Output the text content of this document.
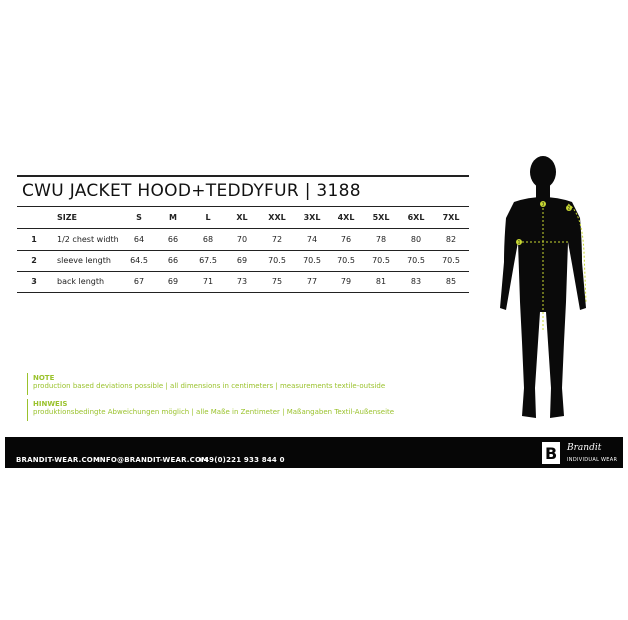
CWU JACKET HOOD+TEDDYFUR | 3188
SIZE	S	M	L	XL	XXL 3XL 4XL 5XL 6XL 7XL
1	1/2 chest width 64	66	68	70	72	74	76	78	80	82
2	sleeve length 64.5	66	67.5	69	70.5 70.5 70.5 70.5 70.5 70.5
3	back length	67	69	71	73	75	77	79	81	83	85
NOTE
production based deviations possible | all dimensions in centimeters | measurements textile-outside
HINWEIS
produktionsbedingte Abweichungen möglich | alle Maße in Zentimeter | Maßangaben Textil-Außenseite
3
2
1
BRANDIT-WEAR.COM
INFO@BRANDIT-WEAR.COM
+49(0)221 933 844 0	B Brandit
INDIVIDUAL WEAR
